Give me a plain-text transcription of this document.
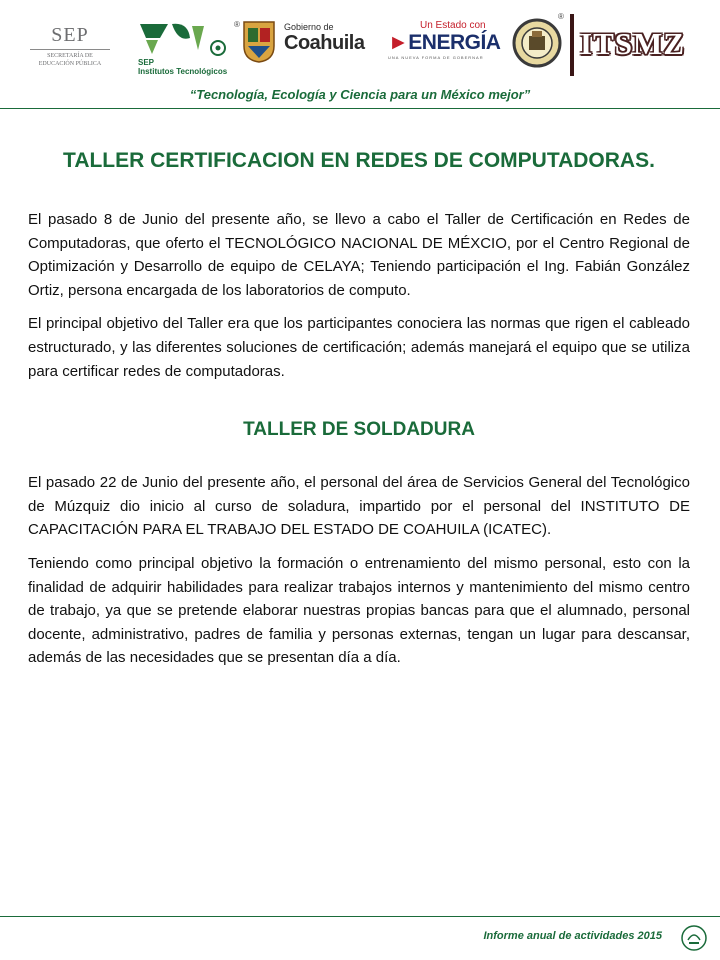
SEP
SECRETARÍA DE
EDUCACIÓN PÚBLICA	SEP
Institutos Tecnológicos
®	Gobierno de
Coahuila
Un Estado con
►ENERGÍA
UNA NUEVA FORMA DE GOBERNAR
®
ITSMZ
“Tecnología, Ecología y Ciencia para un México mejor”
TALLER CERTIFICACION EN REDES DE COMPUTADORAS.

El pasado 8 de Junio del presente año, se llevo a cabo el Taller de Certificación en Redes de Computadoras, que oferto el TECNOLÓGICO NACIONAL DE MÉXCIO, por el Centro Regional de Optimización y Desarrollo de equipo de CELAYA; Teniendo participación el Ing. Fabián González Ortiz, persona encargada de los laboratorios de computo.

El principal objetivo del Taller era que los participantes conociera las normas que rigen el cableado estructurado, y las diferentes soluciones de certificación; además manejará el equipo que se utiliza para certificar redes de computadoras.

TALLER DE SOLDADURA

El pasado 22 de Junio del presente año, el personal del área de Servicios General del Tecnológico de Múzquiz dio inicio al curso de soladura, impartido por el personal del INSTITUTO DE CAPACITACIÓN PARA EL TRABAJO DEL ESTADO DE COAHUILA (ICATEC).

Teniendo como principal objetivo la formación o entrenamiento del mismo personal, esto con la finalidad de adquirir habilidades para realizar trabajos internos y mantenimiento del mismo centro de trabajo, ya que se pretende elaborar nuestras propias bancas para que el alumnado, personal docente, administrativo, padres de familia y personas externas, tengan un lugar para descansar, además de las necesidades que se presentan día a día.

Informe anual de actividades 2015
